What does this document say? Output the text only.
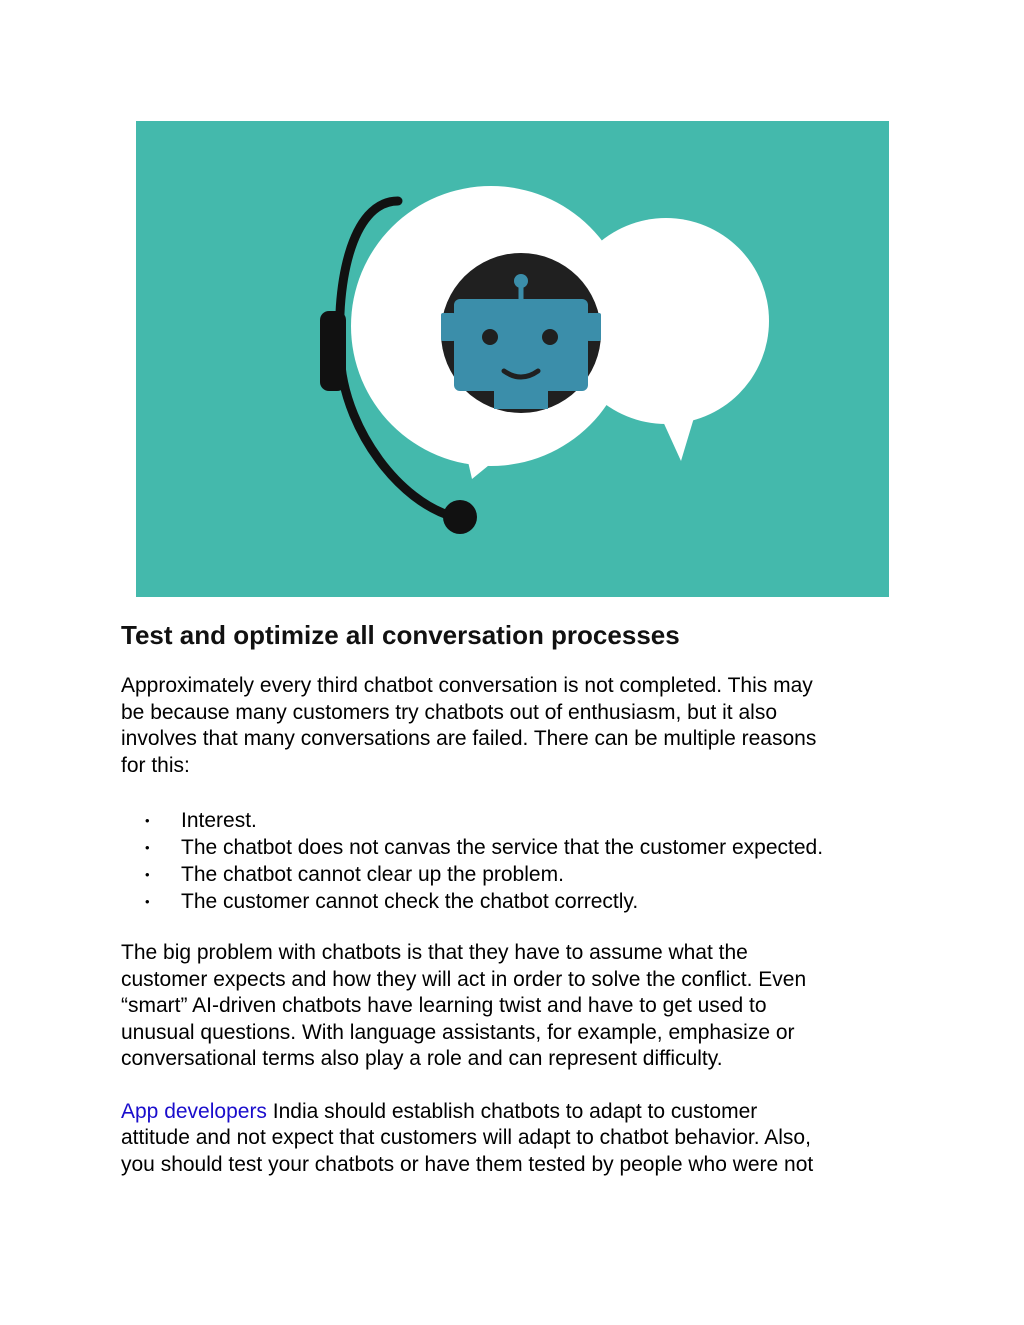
Test and optimize all conversation processes

Approximately every third chatbot conversation is not completed. This may
be because many customers try chatbots out of enthusiasm, but it also
involves that many conversations are failed. There can be multiple reasons
for this:

• Interest.
• The chatbot does not canvas the service that the customer expected.
• The chatbot cannot clear up the problem.
• The customer cannot check the chatbot correctly.

The big problem with chatbots is that they have to assume what the
customer expects and how they will act in order to solve the conflict. Even
“smart” AI-driven chatbots have learning twist and have to get used to
unusual questions. With language assistants, for example, emphasize or
conversational terms also play a role and can represent difficulty.

App developers India should establish chatbots to adapt to customer
attitude and not expect that customers will adapt to chatbot behavior. Also,
you should test your chatbots or have them tested by people who were not
